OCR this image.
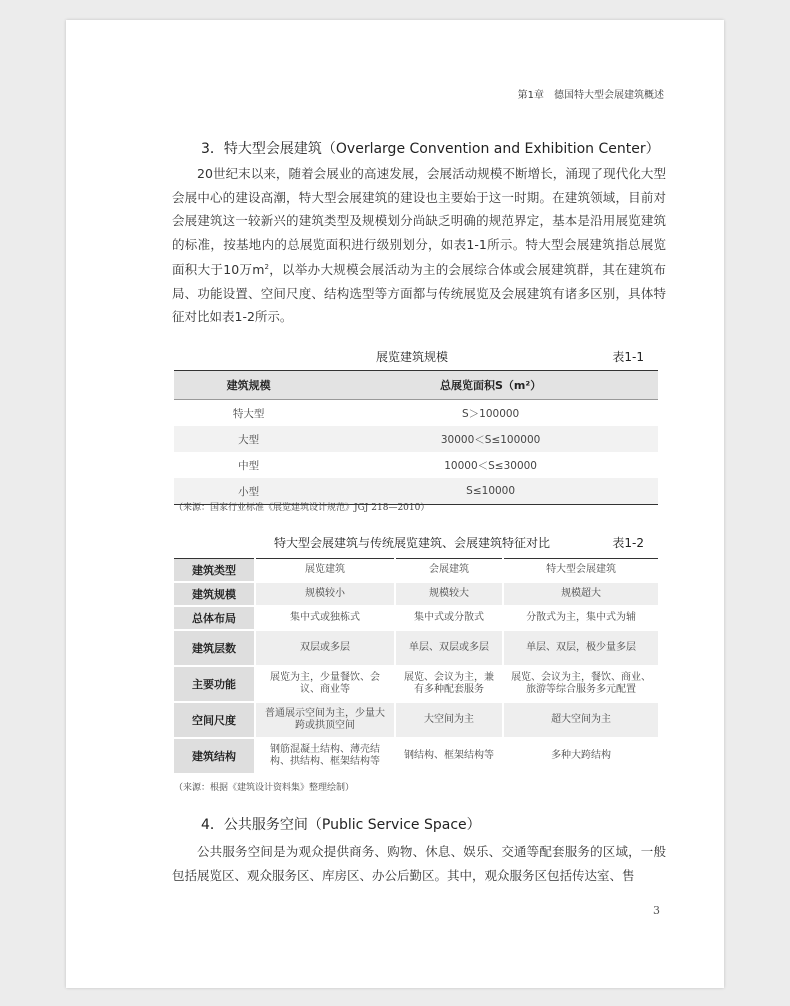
第1章　德国特大型会展建筑概述
3．特大型会展建筑（Overlarge Convention and Exhibition Center）

20世纪末以来，随着会展业的高速发展，会展活动规模不断增长，涌现了现代化大型会展中心的建设高潮，特大型会展建筑的建设也主要始于这一时期。在建筑领域，目前对会展建筑这一较新兴的建筑类型及规模划分尚缺乏明确的规范界定，基本是沿用展览建筑的标准，按基地内的总展览面积进行级别划分，如表1-1所示。特大型会展建筑指总展览面积大于10万$m^2$，以举办大规模会展活动为主的会展综合体或会展建筑群，其在建筑布局、功能设置、空间尺度、结构选型等方面都与传统展览及会展建筑有诸多区别，具体特征对比如表1-2所示。

展览建筑规模	表1-1
建筑规模	总展览面积S（m²）
特大型	S＞100000
大型	30000＜S≤100000
中型	10000＜S≤30000
小型	S≤10000
（来源：国家行业标准《展览建筑设计规范》JGJ 218—2010）
特大型会展建筑与传统展览建筑、会展建筑特征对比	表1-2
建筑类型	展览建筑	会展建筑	特大型会展建筑
建筑规模	规模较小	规模较大	规模超大
总体布局	集中式或独栋式	集中式或分散式	分散式为主，集中式为辅
建筑层数	双层或多层	单层、双层或多层	单层、双层，极少量多层
主要功能	展览为主，少量餐饮、会议、商业等	展览、会议为主，兼有多种配套服务	展览、会议为主，餐饮、商业、旅游等综合服务多元配置
空间尺度	普通展示空间为主，少量大跨或拱顶空间	大空间为主	超大空间为主
建筑结构	钢筋混凝土结构、薄壳结构、拱结构、框架结构等	钢结构、框架结构等	多种大跨结构
（来源：根据《建筑设计资料集》整理绘制）
4．公共服务空间（Public Service Space）

公共服务空间是为观众提供商务、购物、休息、娱乐、交通等配套服务的区域，一般包括展览区、观众服务区、库房区、办公后勤区。其中，观众服务区包括传达室、售

3
